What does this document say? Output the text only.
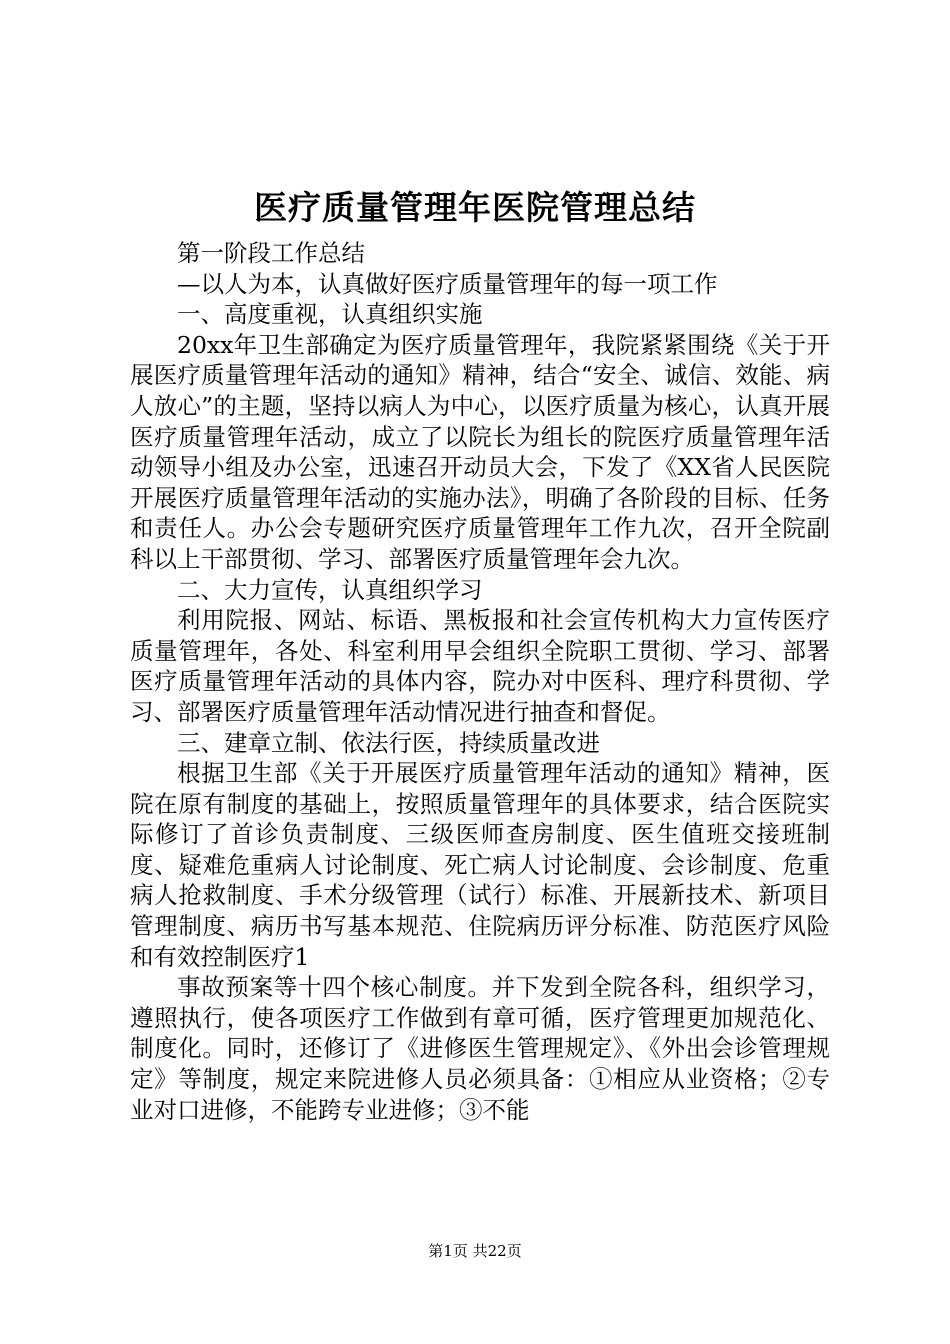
医疗质量管理年医院管理总结

第一阶段工作总结

—以人为本，认真做好医疗质量管理年的每一项工作

一、高度重视，认真组织实施

20xx年卫生部确定为医疗质量管理年，我院紧紧围绕《关于开展医疗质量管理年活动的通知》精神，结合“安全、诚信、效能、病人放心”的主题，坚持以病人为中心，以医疗质量为核心，认真开展医疗质量管理年活动，成立了以院长为组长的院医疗质量管理年活动领导小组及办公室，迅速召开动员大会，下发了《XX省人民医院开展医疗质量管理年活动的实施办法》，明确了各阶段的目标、任务和责任人。办公会专题研究医疗质量管理年工作九次，召开全院副科以上干部贯彻、学习、部署医疗质量管理年会九次。

二、大力宣传，认真组织学习

利用院报、网站、标语、黑板报和社会宣传机构大力宣传医疗质量管理年，各处、科室利用早会组织全院职工贯彻、学习、部署医疗质量管理年活动的具体内容，院办对中医科、理疗科贯彻、学习、部署医疗质量管理年活动情况进行抽查和督促。

三、建章立制、依法行医，持续质量改进

根据卫生部《关于开展医疗质量管理年活动的通知》精神，医院在原有制度的基础上，按照质量管理年的具体要求，结合医院实际修订了首诊负责制度、三级医师查房制度、医生值班交接班制度、疑难危重病人讨论制度、死亡病人讨论制度、会诊制度、危重病人抢救制度、手术分级管理（试行）标准、开展新技术、新项目管理制度、病历书写基本规范、住院病历评分标准、防范医疗风险和有效控制医疗1

事故预案等十四个核心制度。并下发到全院各科，组织学习，遵照执行，使各项医疗工作做到有章可循，医疗管理更加规范化、制度化。同时，还修订了《进修医生管理规定》、《外出会诊管理规定》等制度，规定来院进修人员必须具备：①相应从业资格；②专业对口进修，不能跨专业进修；③不能

第1页 共22页
